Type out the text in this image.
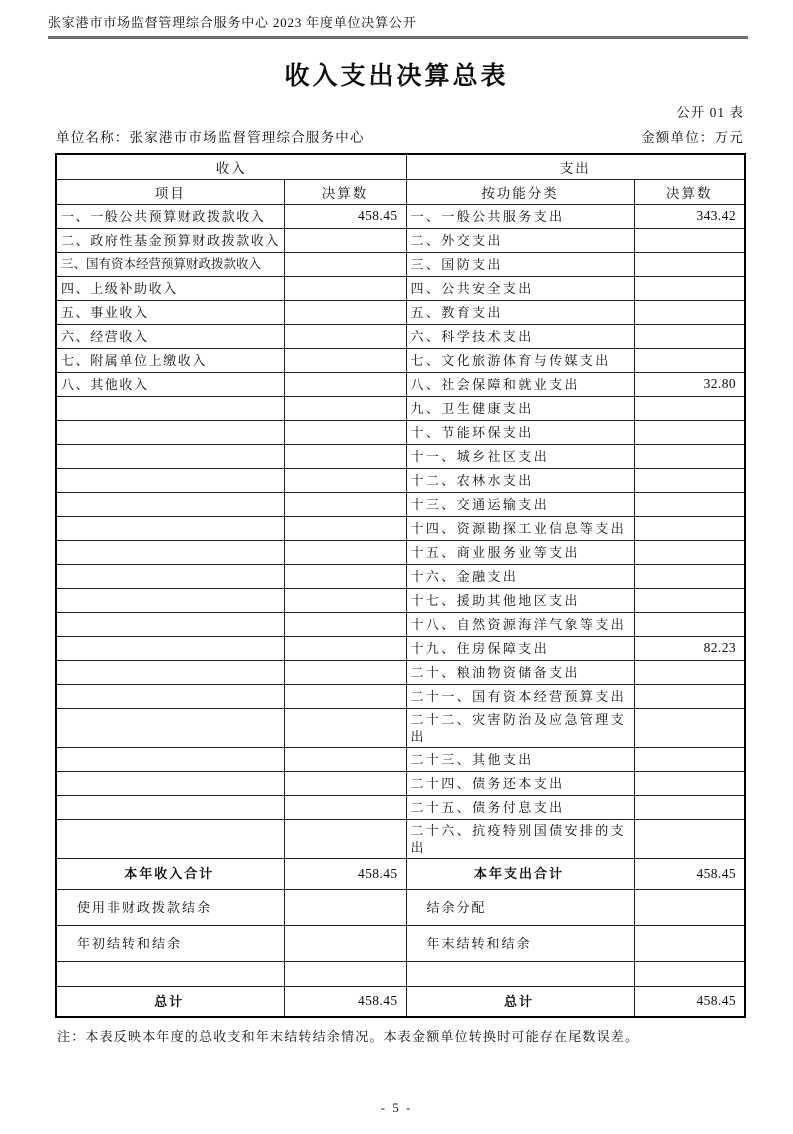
张家港市市场监督管理综合服务中心 2023 年度单位决算公开
收入支出决算总表
公开 01 表
单位名称：张家港市市场监督管理综合服务中心	金额单位：万元
收入		支出	
项目	决算数	按功能分类	决算数
一、一般公共预算财政拨款收入	458.45	一、一般公共服务支出	343.42
二、政府性基金预算财政拨款收入		二、外交支出	
三、国有资本经营预算财政拨款收入		三、国防支出	
四、上级补助收入		四、公共安全支出	
五、事业收入		五、教育支出	
六、经营收入		六、科学技术支出	
七、附属单位上缴收入		七、文化旅游体育与传媒支出	
八、其他收入		八、社会保障和就业支出	32.80
		九、卫生健康支出	
		十、节能环保支出	
		十一、城乡社区支出	
		十二、农林水支出	
		十三、交通运输支出	
		十四、资源勘探工业信息等支出	
		十五、商业服务业等支出	
		十六、金融支出	
		十七、援助其他地区支出	
		十八、自然资源海洋气象等支出	
		十九、住房保障支出	82.23
		二十、粮油物资储备支出	
		二十一、国有资本经营预算支出	
		二十二、灾害防治及应急管理支出	
		二十三、其他支出	
		二十四、债务还本支出	
		二十五、债务付息支出	
		二十六、抗疫特别国债安排的支出	
本年收入合计	458.45	本年支出合计	458.45
使用非财政拨款结余		结余分配	
年初结转和结余		年末结转和结余	

总计	458.45	总计	458.45
注：本表反映本年度的总收支和年末结转结余情况。本表金额单位转换时可能存在尾数误差。
- 5 -
